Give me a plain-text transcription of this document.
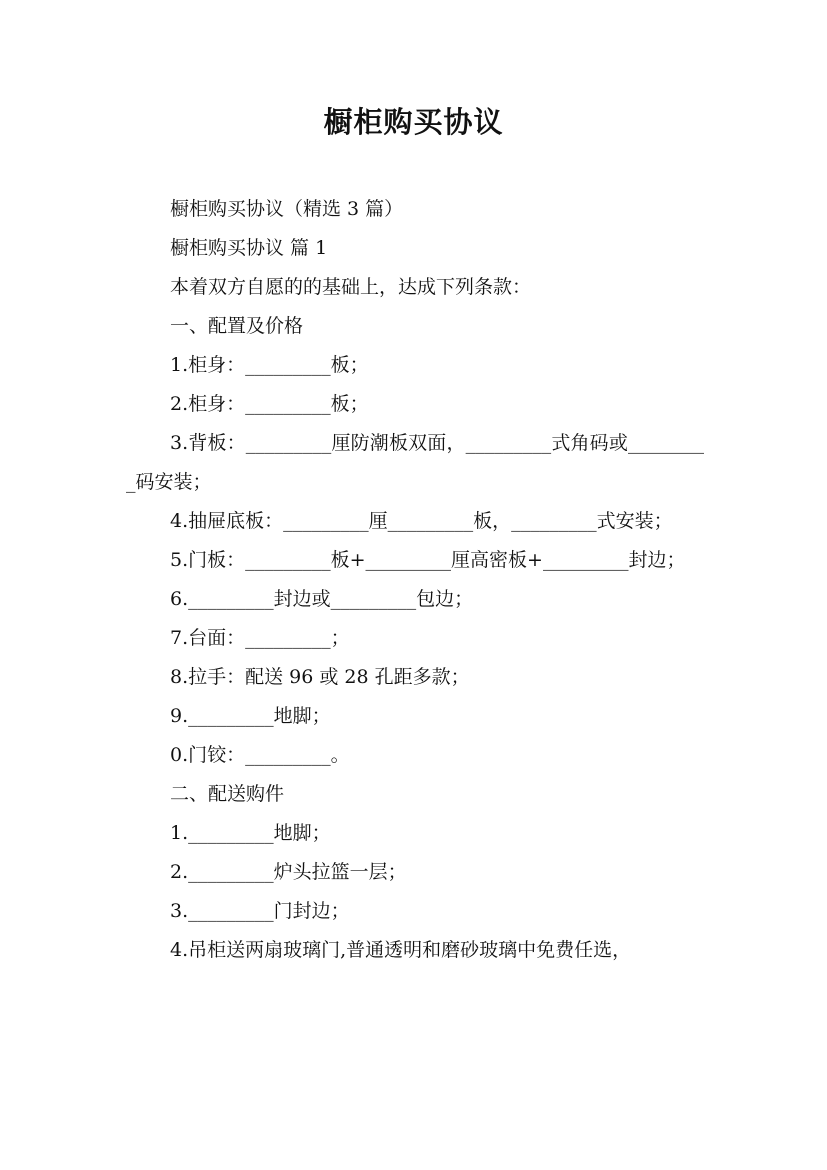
橱柜购买协议

橱柜购买协议（精选 3 篇）

橱柜购买协议 篇 1

本着双方自愿的的基础上，达成下列条款：

一、配置及价格

1.柜身：_________板；

2.柜身：_________板；

3.背板：_________厘防潮板双面，_________式角码或_________码安装；

4.抽屉底板：_________厘_________板，_________式安装；

5.门板：_________板+_________厘高密板+_________封边；

6._________封边或_________包边；

7.台面：_________；

8.拉手：配送 96 或 28 孔距多款；

9._________地脚；

0.门铰：_________。

二、配送购件

1._________地脚；

2._________炉头拉篮一层；

3._________门封边；

4.吊柜送两扇玻璃门,普通透明和磨砂玻璃中免费任选，
